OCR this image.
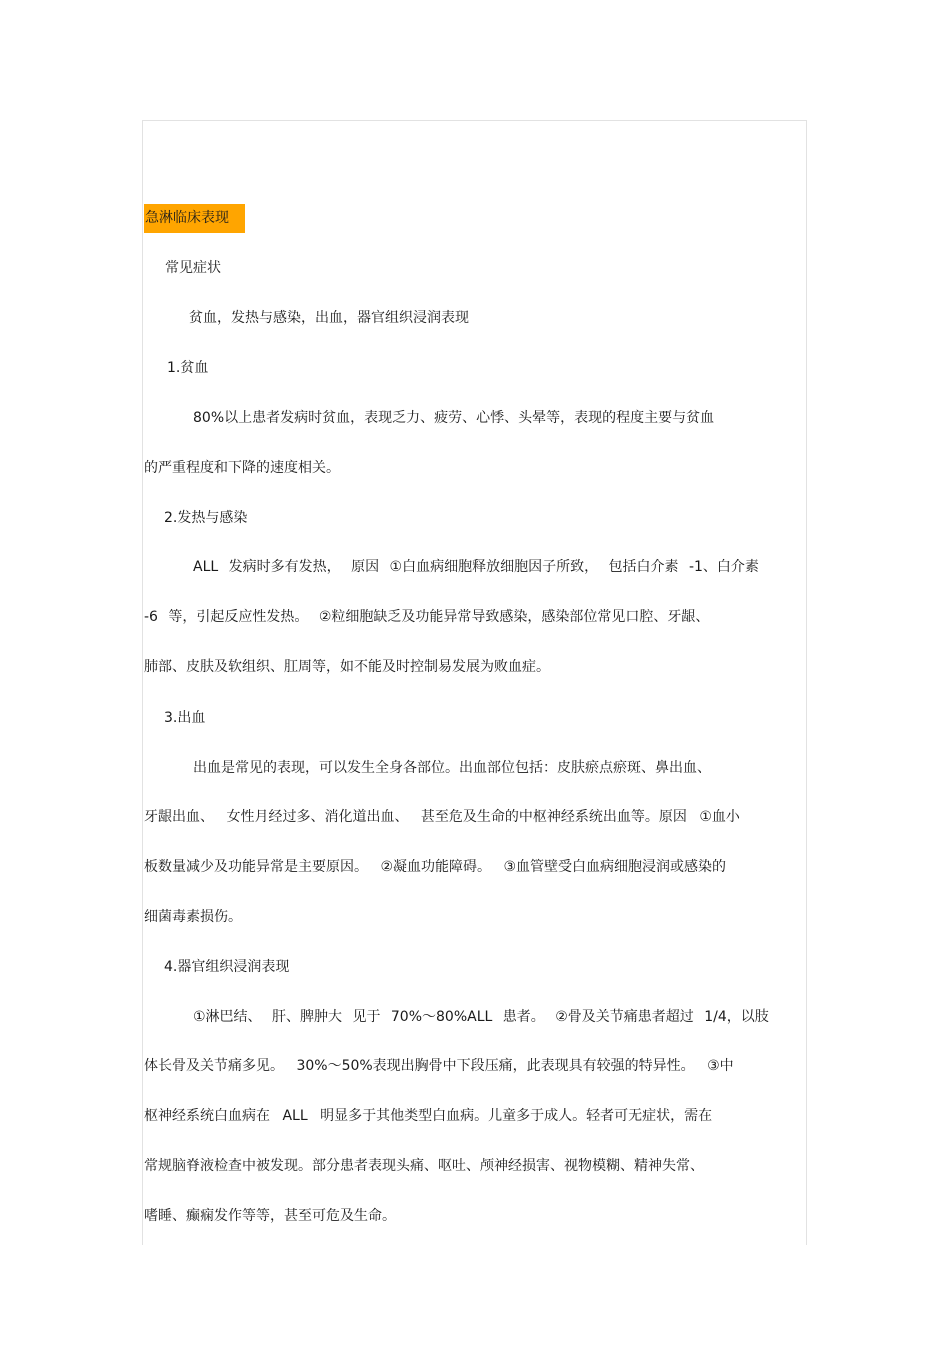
急淋临床表现
常见症状
贫血，发热与感染，出血，器官组织浸润表现
1.贫血
80%以上患者发病时贫血，表现乏力、疲劳、心悸、头晕等，表现的程度主要与贫血
的严重程度和下降的速度相关。
2.发热与感染
ALL 发病时多有发热， 原因 ①白血病细胞释放细胞因子所致， 包括白介素 -1、白介素
-6 等，引起反应性发热。 ②粒细胞缺乏及功能异常导致感染，感染部位常见口腔、牙龈、
肺部、皮肤及软组织、肛周等，如不能及时控制易发展为败血症。
3.出血
出血是常见的表现，可以发生全身各部位。出血部位包括：皮肤瘀点瘀斑、鼻出血、
牙龈出血、 女性月经过多、消化道出血、 甚至危及生命的中枢神经系统出血等。原因 ①血小
板数量减少及功能异常是主要原因。 ②凝血功能障碍。 ③血管壁受白血病细胞浸润或感染的
细菌毒素损伤。
4.器官组织浸润表现
①淋巴结、 肝、脾肿大 见于 70%～80%ALL 患者。 ②骨及关节痛患者超过 1/4，以肢
体长骨及关节痛多见。 30%～50%表现出胸骨中下段压痛，此表现具有较强的特异性。 ③中
枢神经系统白血病在 ALL 明显多于其他类型白血病。儿童多于成人。轻者可无症状，需在
常规脑脊液检查中被发现。部分患者表现头痛、呕吐、颅神经损害、视物模糊、精神失常、
嗜睡、癫痫发作等等，甚至可危及生命。
